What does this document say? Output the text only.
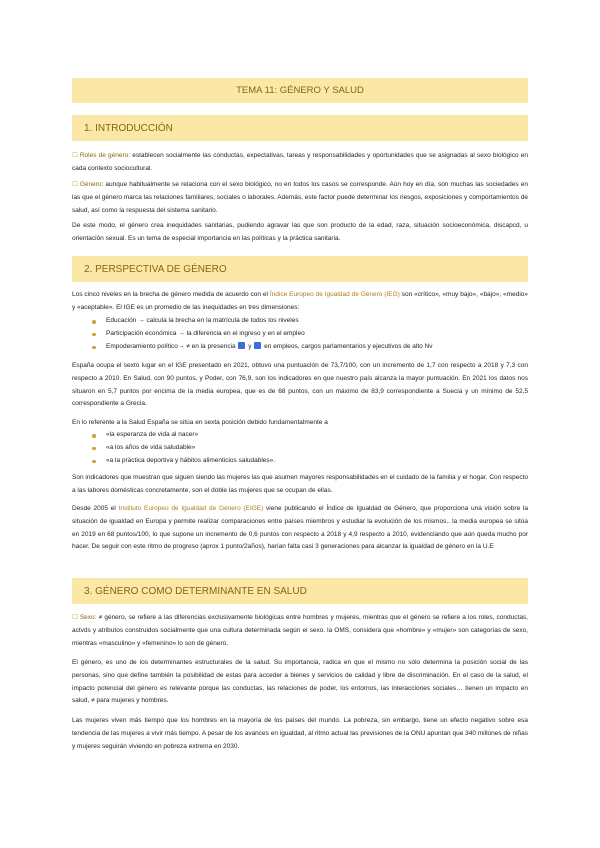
TEMA 11: GÉNERO Y SALUD
1. INTRODUCCIÓN

☐ Roles de género: establecen socialmente las conductas, expectativas, tareas y responsabilidades y oportunidades que se asignadas al sexo biológico en cada contexto sociocultural.

☐ Género: aunque habitualmente se relaciona con el sexo biológico, no en todos los casos se corresponde. Aún hoy en día, son muchas las sociedades en las que el género marca las relaciones familiares, sociales o laborales. Además, este factor puede determinar los riesgos, exposiciones y comportamientos de salud, así como la respuesta del sistema sanitario.

De este modo, el género crea inequidades sanitarias, pudiendo agravar las que son producto de la edad, raza, situación socioeconómica, discapcd, u orientación sexual. Es un tema de especial importancia en las políticas y la práctica sanitaria.

2. PERSPECTIVA DE GÉNERO

Los cinco niveles en la brecha de género medida de acuerdo con el Índice Europeo de Igualdad de Género (IEG) son «crítico», «muy bajo», «bajo», «medio» y «aceptable». El IGE es un promedio de las inequidades en tres dimensiones:

Educación → calcula la brecha en la matrícula de todos los niveles
Participación económica → la diferencia en el ingreso y en el empleo
Empoderamiento político→ ≠ en la presencia  y  en empleos, cargos parlamentarios y ejecutivos de alto Nv

España ocupa el sexto lugar en el IGE presentado en 2021, obtuvo una puntuación de 73,7/100, con un incremento de 1,7 con respecto a 2018 y 7,3 con respecto a 2010. En Salud, con 90 puntos, y Poder, con 76,9, son los indicadores en que nuestro país alcanza la mayor puntuación. En 2021 los datos nos situaron en 5,7 puntos por encima de la media europea, que es de 68 puntos, con un máximo de 83,9 correspondiente a Suecia y un mínimo de 52,5 correspondiente a Grecia.

En lo referente a la Salud España se sitúa en sexta posición debido fundamentalmente a

«la esperanza de vida al nacer»
«a los años de vida saludable»
«a la práctica deportiva y hábitos alimenticios saludables».

Son indicadores que muestran que siguen siendo las mujeres las que asumen mayores responsabilidades en el cuidado de la familia y el hogar. Con respecto a las labores domésticas concretamente, son el doble las mujeres que se ocupan de ellas.

Desde 2005 el Instituto Europeo de Igualdad de Género (EIGE) viene publicando el Índice de Igualdad de Género, que proporciona una visión sobre la situación de igualdad en Europa y permite realizar comparaciones entre países miembros y estudiar la evolución de los mismos.. la media europea se sitúa en 2019 en 68 puntos/100, lo que supone un incremento de 0,6 puntos con respecto a 2018 y 4,9 respecto a 2010, evidenciando que aún queda mucho por hacer. De seguir con este ritmo de progreso (aprox 1 punto/2años), harían falta casi 3 generaciones para alcanzar la igualdad de género en la U.E

3. GÉNERO COMO DETERMINANTE EN SALUD

☐ Sexo: ≠ género, se refiere a las diferencias exclusivamente biológicas entre hombres y mujeres, mientras que el género se refiere a los roles, conductas, actvds y atributos construidos socialmente que una cultura determinada según el sexo. la OMS, considera que «hombre» y «mujer» son categorías de sexo, mientras «masculino» y «femenino» lo son de género.

El género, es uno de los determinantes estructurales de la salud. Su importancia, radica en que el mismo no sólo determina la posición social de las personas, sino que define también la posibilidad de estas para acceder a bienes y servicios de calidad y libre de discriminación. En el caso de la salud, el impacto potencial del género es relevante porque las conductas, las relaciones de poder, los entornos, las interacciones sociales… tienen un impacto en salud, ≠ para mujeres y hombres.

Las mujeres viven más tiempo que los hombres en la mayoría de los países del mundo. La pobreza, sin embargo, tiene un efecto negativo sobre esa tendencia de las mujeres a vivir más tiempo. A pesar de los avances en igualdad, al ritmo actual las previsiones de la ONU apuntan que 340 millones de niñas y mujeres seguirán viviendo en pobreza extrema en 2030.
